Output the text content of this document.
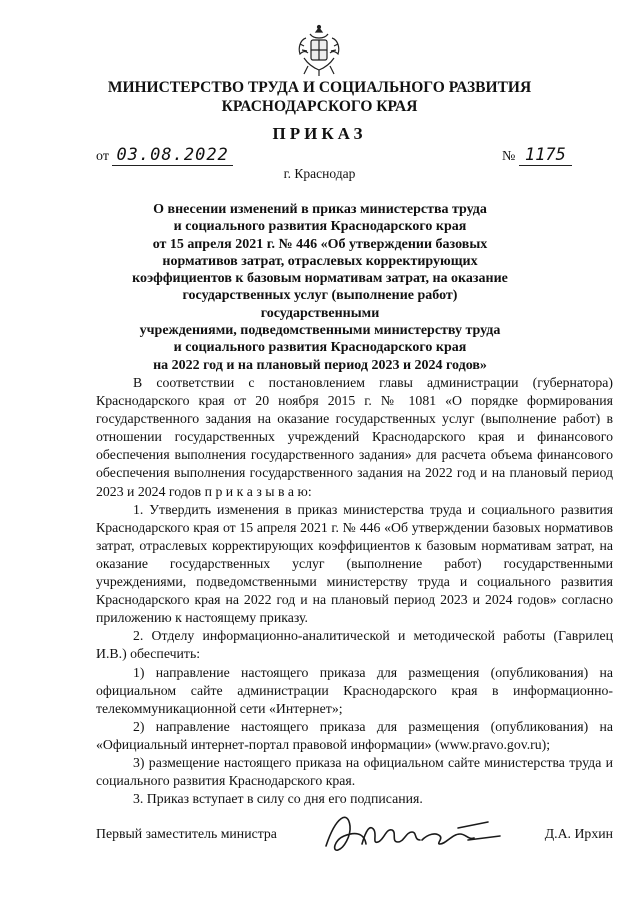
МИНИСТЕРСТВО ТРУДА И СОЦИАЛЬНОГО РАЗВИТИЯ
КРАСНОДАРСКОГО КРАЯ
ПРИКАЗ
от 03.08.2022	№ 1175
г. Краснодар
О внесении изменений в приказ министерства труда
и социального развития Краснодарского края
от 15 апреля 2021 г. № 446 «Об утверждении базовых
нормативов затрат, отраслевых корректирующих
коэффициентов к базовым нормативам затрат, на оказание
государственных услуг (выполнение работ) государственными
учреждениями, подведомственными министерству труда
и социального развития Краснодарского края
на 2022 год и на плановый период 2023 и 2024 годов»

В соответствии с постановлением главы администрации (губернатора) Краснодарского края от 20 ноября 2015 г. № 1081 «О порядке формирования государственного задания на оказание государственных услуг (выполнение работ) в отношении государственных учреждений Краснодарского края и финансового обеспечения выполнения государственного задания» для расчета объема финансового обеспечения выполнения государственного задания на 2022 год и на плановый период 2023 и 2024 годов п р и к а з ы в а ю:

1. Утвердить изменения в приказ министерства труда и социального развития Краснодарского края от 15 апреля 2021 г. № 446 «Об утверждении базовых нормативов затрат, отраслевых корректирующих коэффициентов к базовым нормативам затрат, на оказание государственных услуг (выполнение работ) государственными учреждениями, подведомственными министерству труда и социального развития Краснодарского края на 2022 год и на плановый период 2023 и 2024 годов» согласно приложению к настоящему приказу.

2. Отделу информационно-аналитической и методической работы (Гаврилец И.В.) обеспечить:

1) направление настоящего приказа для размещения (опубликования) на официальном сайте администрации Краснодарского края в информационно-телекоммуникационной сети «Интернет»;

2) направление настоящего приказа для размещения (опубликования) на «Официальный интернет-портал правовой информации» (www.pravo.gov.ru);

3) размещение настоящего приказа на официальном сайте министерства труда и социального развития Краснодарского края.

3. Приказ вступает в силу со дня его подписания.

Первый заместитель министра	Д.А. Ирхин
